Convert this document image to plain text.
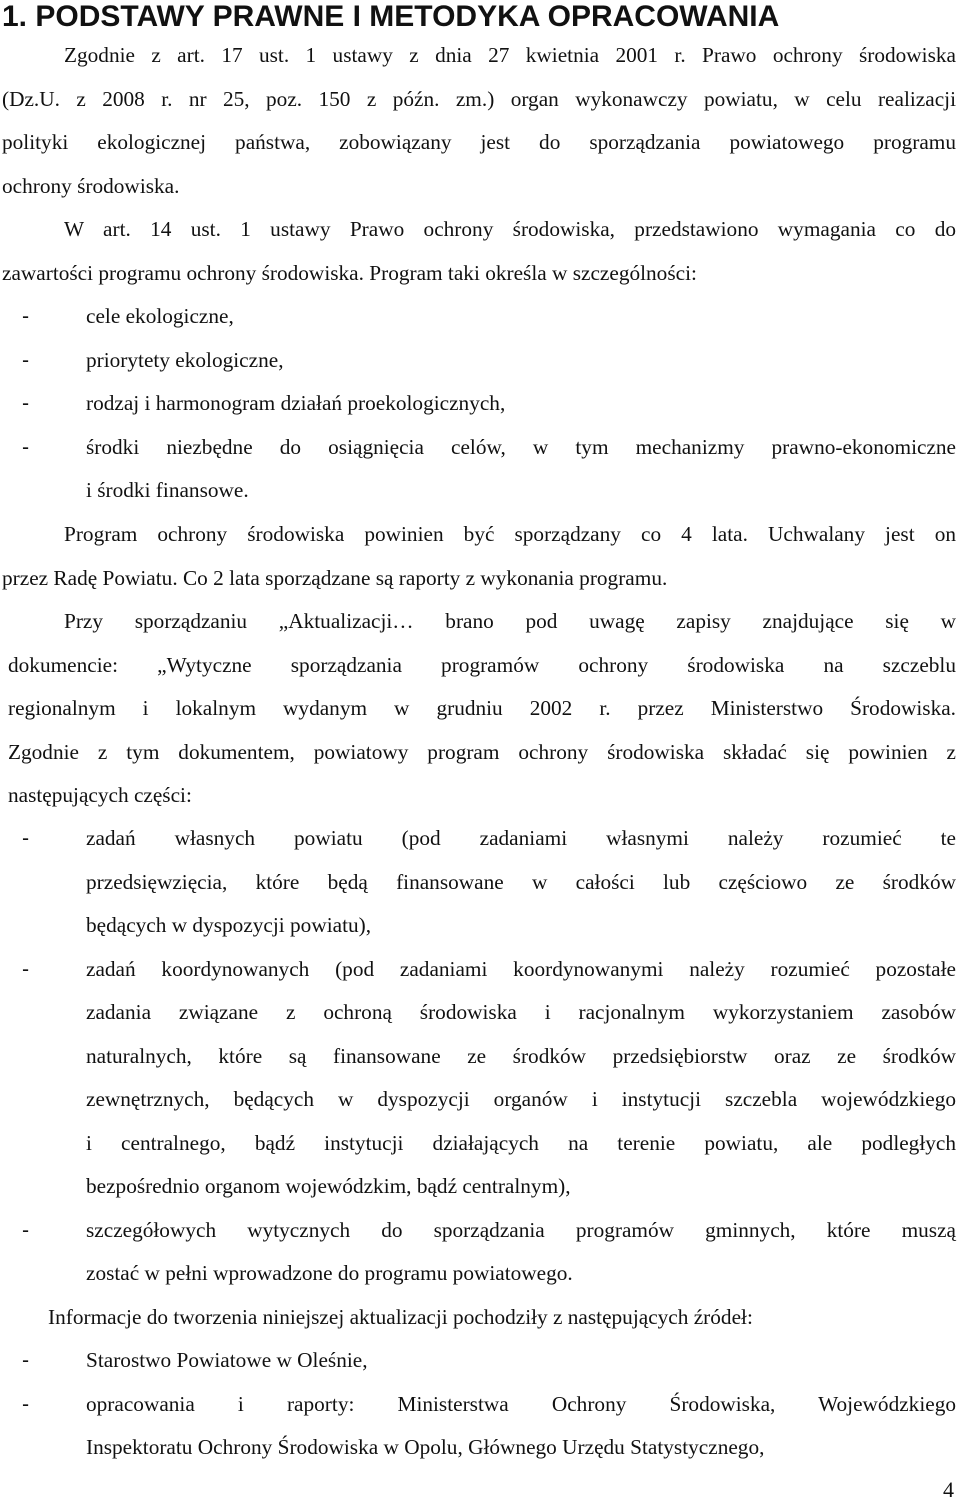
1. PODSTAWY PRAWNE I METODYKA OPRACOWANIA
Zgodnie z art. 17 ust. 1 ustawy z dnia 27 kwietnia 2001 r. Prawo ochrony środowiska
(Dz.U. z 2008 r. nr 25, poz. 150 z późn. zm.) organ wykonawczy powiatu, w celu realizacji
polityki ekologicznej państwa, zobowiązany jest do sporządzania powiatowego programu
ochrony środowiska.
W art. 14 ust. 1 ustawy Prawo ochrony środowiska, przedstawiono wymagania co do
zawartości programu ochrony środowiska. Program taki określa w szczególności:
-	cele ekologiczne,
-	priorytety ekologiczne,
-	rodzaj i harmonogram działań proekologicznych,
-	środki niezbędne do osiągnięcia celów, w tym mechanizmy prawno-ekonomiczne
i środki finansowe.
Program ochrony środowiska powinien być sporządzany co 4 lata. Uchwalany jest on
przez Radę Powiatu. Co 2 lata sporządzane są raporty z wykonania programu.
Przy sporządzaniu „Aktualizacji… brano pod uwagę zapisy znajdujące się w
dokumencie: „Wytyczne sporządzania programów ochrony środowiska na szczeblu
regionalnym i lokalnym wydanym w grudniu 2002 r. przez Ministerstwo Środowiska.
Zgodnie z tym dokumentem, powiatowy program ochrony środowiska składać się powinien z
następujących części:
-	zadań własnych powiatu (pod zadaniami własnymi należy rozumieć te
przedsięwzięcia, które będą finansowane w całości lub częściowo ze środków
będących w dyspozycji powiatu),
-	zadań koordynowanych (pod zadaniami koordynowanymi należy rozumieć pozostałe
zadania związane z ochroną środowiska i racjonalnym wykorzystaniem zasobów
naturalnych, które są finansowane ze środków przedsiębiorstw oraz ze środków
zewnętrznych, będących w dyspozycji organów i instytucji szczebla wojewódzkiego
i centralnego, bądź instytucji działających na terenie powiatu, ale podległych
bezpośrednio organom wojewódzkim, bądź centralnym),
-	szczegółowych wytycznych do sporządzania programów gminnych, które muszą
zostać w pełni wprowadzone do programu powiatowego.
Informacje do tworzenia niniejszej aktualizacji pochodziły z następujących źródeł:
-	Starostwo Powiatowe w Oleśnie,
-	opracowania i raporty: Ministerstwa Ochrony Środowiska, Wojewódzkiego
Inspektoratu Ochrony Środowiska w Opolu, Głównego Urzędu Statystycznego,
4
